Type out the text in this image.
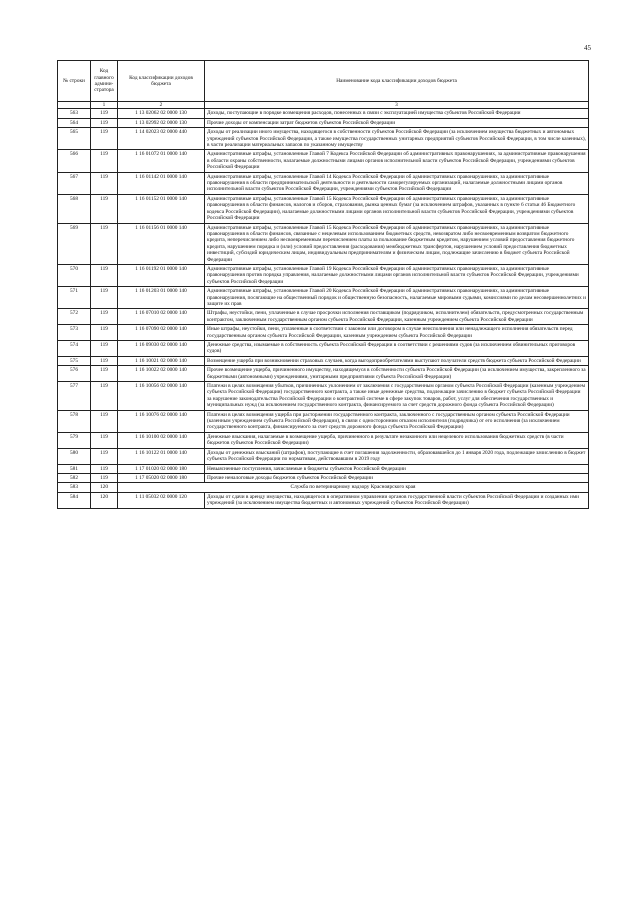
45
№ строки	Код главного админи-стратора	Код классификации доходов бюджета	Наименование кода классификации доходов бюджета
	1	2	3
563	119	1 13 02062 02 0000 130	Доходы, поступающие в порядке возмещения расходов, понесенных в связи с эксплуатацией имущества субъектов Российской Федерации
564	119	1 13 02992 02 0000 130	Прочие доходы от компенсации затрат бюджетов субъектов Российской Федерации
565	119	1 14 02023 02 0000 440	Доходы от реализации иного имущества, находящегося в собственности субъектов Российской Федерации (за исключением имущества бюджетных и автономных учреждений субъектов Российской Федерации, а также имущества государственных унитарных предприятий субъектов Российской Федерации, в том числе казенных), в части реализации материальных запасов по указанному имуществу
566	119	1 16 01072 01 0000 140	Административные штрафы, установленные Главой 7 Кодекса Российской Федерации об административных правонарушениях, за административные правонарушения в области охраны собственности, налагаемые должностными лицами органов исполнительной власти субъектов Российской Федерации, учреждениями субъектов Российской Федерации
567	119	1 16 01142 01 0000 140	Административные штрафы, установленные Главой 14 Кодекса Российской Федерации об административных правонарушениях, за административные правонарушения в области предпринимательской деятельности и деятельности саморегулируемых организаций, налагаемые должностными лицами органов исполнительной власти субъектов Российской Федерации, учреждениями субъектов Российской Федерации
568	119	1 16 01152 01 0000 140	Административные штрафы, установленные Главой 15 Кодекса Российской Федерации об административных правонарушениях, за административные правонарушения в области финансов, налогов и сборов, страхования, рынка ценных бумаг (за исключением штрафов, указанных в пункте 6 статьи 46 Бюджетного кодекса Российской Федерации), налагаемые должностными лицами органов исполнительной власти субъектов Российской Федерации, учреждениями субъектов Российской Федерации
569	119	1 16 01156 01 0000 140	Административные штрафы, установленные Главой 15 Кодекса Российской Федерации об административных правонарушениях, за административные правонарушения в области финансов, связанные с нецелевым использованием бюджетных средств, невозвратом либо несвоевременным возвратом бюджетного кредита, неперечислением либо несвоевременным перечислением платы за пользование бюджетным кредитом, нарушением условий предоставления бюджетного кредита, нарушением порядка и (или) условий предоставления (расходования) межбюджетных трансфертов, нарушением условий предоставления бюджетных инвестиций, субсидий юридическим лицам, индивидуальным предпринимателям и физическим лицам, подлежащие зачислению в бюджет субъекта Российской Федерации
570	119	1 16 01192 01 0000 140	Административные штрафы, установленные Главой 19 Кодекса Российской Федерации об административных правонарушениях, за административные правонарушения против порядка управления, налагаемые должностными лицами органов исполнительной власти субъектов Российской Федерации, учреждениями субъектов Российской Федерации
571	119	1 16 01203 01 0000 140	Административные штрафы, установленные Главой 20 Кодекса Российской Федерации об административных правонарушениях, за административные правонарушения, посягающие на общественный порядок и общественную безопасность, налагаемые мировыми судьями, комиссиями по делам несовершеннолетних и защите их прав
572	119	1 16 07010 02 0000 140	Штрафы, неустойки, пени, уплаченные в случае просрочки исполнения поставщиком (подрядчиком, исполнителем) обязательств, предусмотренных государственным контрактом, заключенным государственным органом субъекта Российской Федерации, казенным учреждением субъекта Российской Федерации
573	119	1 16 07090 02 0000 140	Иные штрафы, неустойки, пени, уплаченные в соответствии с законом или договором в случае неисполнения или ненадлежащего исполнения обязательств перед государственным органом субъекта Российской Федерации, казенным учреждением субъекта Российской Федерации
574	119	1 16 09030 02 0000 140	Денежные средства, изымаемые в собственность субъекта Российской Федерации в соответствии с решениями судов (за исключением обвинительных приговоров судов)
575	119	1 16 10021 02 0000 140	Возмещение ущерба при возникновении страховых случаев, когда выгодоприобретателями выступают получатели средств бюджета субъекта Российской Федерации
576	119	1 16 10022 02 0000 140	Прочее возмещение ущерба, причиненного имуществу, находящемуся в собственности субъекта Российской Федерации (за исключением имущества, закрепленного за бюджетными (автономными) учреждениями, унитарными предприятиями субъекта Российской Федерации)
577	119	1 16 10056 02 0000 140	Платежи в целях возмещения убытков, причиненных уклонением от заключения с государственным органом субъекта Российской Федерации (казенным учреждением субъекта Российской Федерации) государственного контракта, а также иные денежные средства, подлежащие зачислению в бюджет субъекта Российской Федерации за нарушение законодательства Российской Федерации о контрактной системе в сфере закупок товаров, работ, услуг для обеспечения государственных и муниципальных нужд (за исключением государственного контракта, финансируемого за счет средств дорожного фонда субъекта Российской Федерации)
578	119	1 16 10076 02 0000 140	Платежи в целях возмещения ущерба при расторжении государственного контракта, заключенного с государственным органом субъекта Российской Федерации (казенным учреждением субъекта Российской Федерации), в связи с односторонним отказом исполнителя (подрядчика) от его исполнения (за исключением государственного контракта, финансируемого за счет средств дорожного фонда субъекта Российской Федерации)
579	119	1 16 10100 02 0000 140	Денежные взыскания, налагаемые в возмещение ущерба, причиненного в результате незаконного или нецелевого использования бюджетных средств (в части бюджетов субъектов Российской Федерации)
580	119	1 16 10122 01 0000 140	Доходы от денежных взысканий (штрафов), поступающие в счет погашения задолженности, образовавшейся до 1 января 2020 года, подлежащие зачислению в бюджет субъекта Российской Федерации по нормативам, действовавшим в 2019 году
581	119	1 17 01020 02 0000 180	Невыясненные поступления, зачисляемые в бюджеты субъектов Российской Федерации
582	119	1 17 05020 02 0000 180	Прочие неналоговые доходы бюджетов субъектов Российской Федерации
583	120	Служба по ветеринарному надзору Красноярского края	
584	120	1 11 05032 02 0000 120	Доходы от сдачи в аренду имущества, находящегося в оперативном управлении органов государственной власти субъектов Российской Федерации и созданных ими учреждений (за исключением имущества бюджетных и автономных учреждений субъектов Российской Федерации)
